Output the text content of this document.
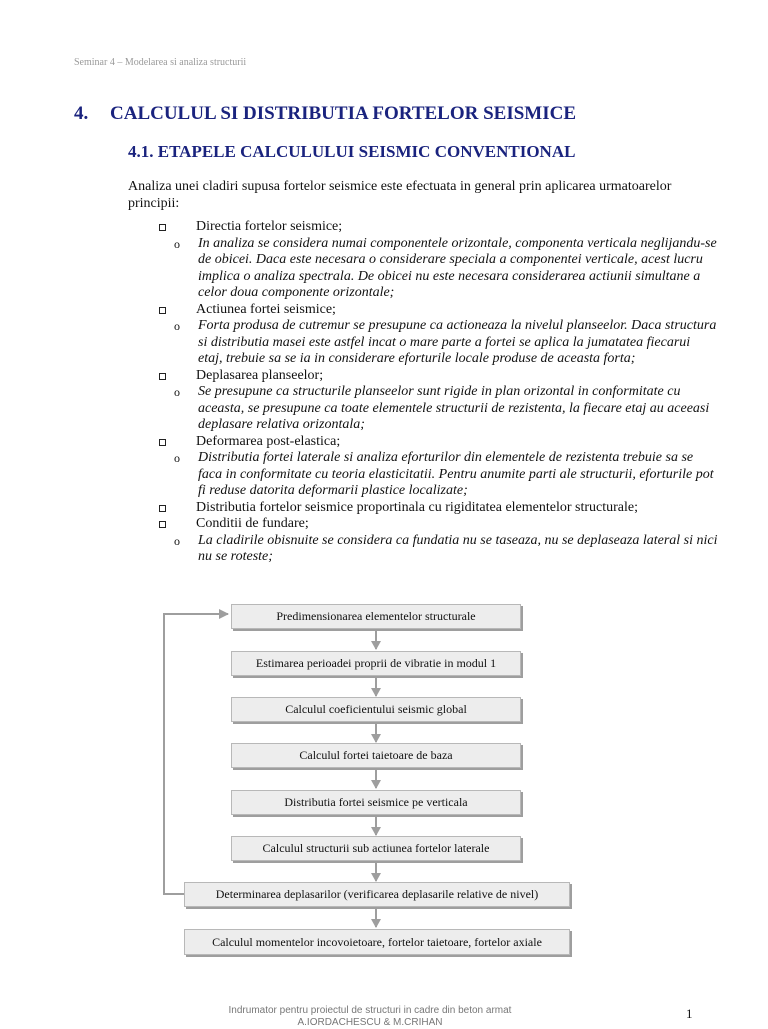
Seminar 4 – Modelarea si analiza structurii
4. CALCULUL SI DISTRIBUTIA FORTELOR SEISMICE
4.1. ETAPELE CALCULULUI SEISMIC CONVENTIONAL
Analiza unei cladiri supusa fortelor seismice este efectuata in general prin aplicarea urmatoarelor principii:
Directia fortelor seismice;
o In analiza se considera numai componentele orizontale, componenta verticala neglijandu-se de obicei. Daca este necesara o considerare speciala a componentei verticale, acest lucru implica o analiza spectrala. De obicei nu este necesara considerarea actiunii simultane a celor doua componente orizontale;
Actiunea fortei seismice;
o Forta produsa de cutremur se presupune ca actioneaza la nivelul planseelor. Daca structura si distributia masei este astfel incat o mare parte a fortei se aplica la jumatatea fiecarui etaj, trebuie sa se ia in considerare eforturile locale produse de aceasta forta;
Deplasarea planseelor;
o Se presupune ca structurile planseelor sunt rigide in plan orizontal in conformitate cu aceasta, se presupune ca toate elementele structurii de rezistenta, la fiecare etaj au aceeasi deplasare relativa orizontala;
Deformarea post-elastica;
o Distributia fortei laterale si analiza eforturilor din elementele de rezistenta trebuie sa se faca in conformitate cu teoria elasticitatii. Pentru anumite parti ale structurii, eforturile pot fi reduse datorita deformarii plastice localizate;
Distributia fortelor seismice proportinala cu rigiditatea elementelor structurale;
Conditii de fundare;
o La cladirile obisnuite se considera ca fundatia nu se taseaza, nu se deplaseaza lateral si nici nu se roteste;
Predimensionarea elementelor structurale
Estimarea perioadei proprii de vibratie in modul 1
Calculul coeficientului seismic global
Calculul fortei taietoare de baza
Distributia fortei seismice pe verticala
Calculul structurii sub actiunea fortelor laterale
Determinarea deplasarilor (verificarea deplasarile relative de nivel)
Calculul momentelor incovoietoare, fortelor taietoare, fortelor axiale
Indrumator pentru proiectul de structuri in cadre din beton armat
A.IORDACHESCU & M.CRIHAN
1
